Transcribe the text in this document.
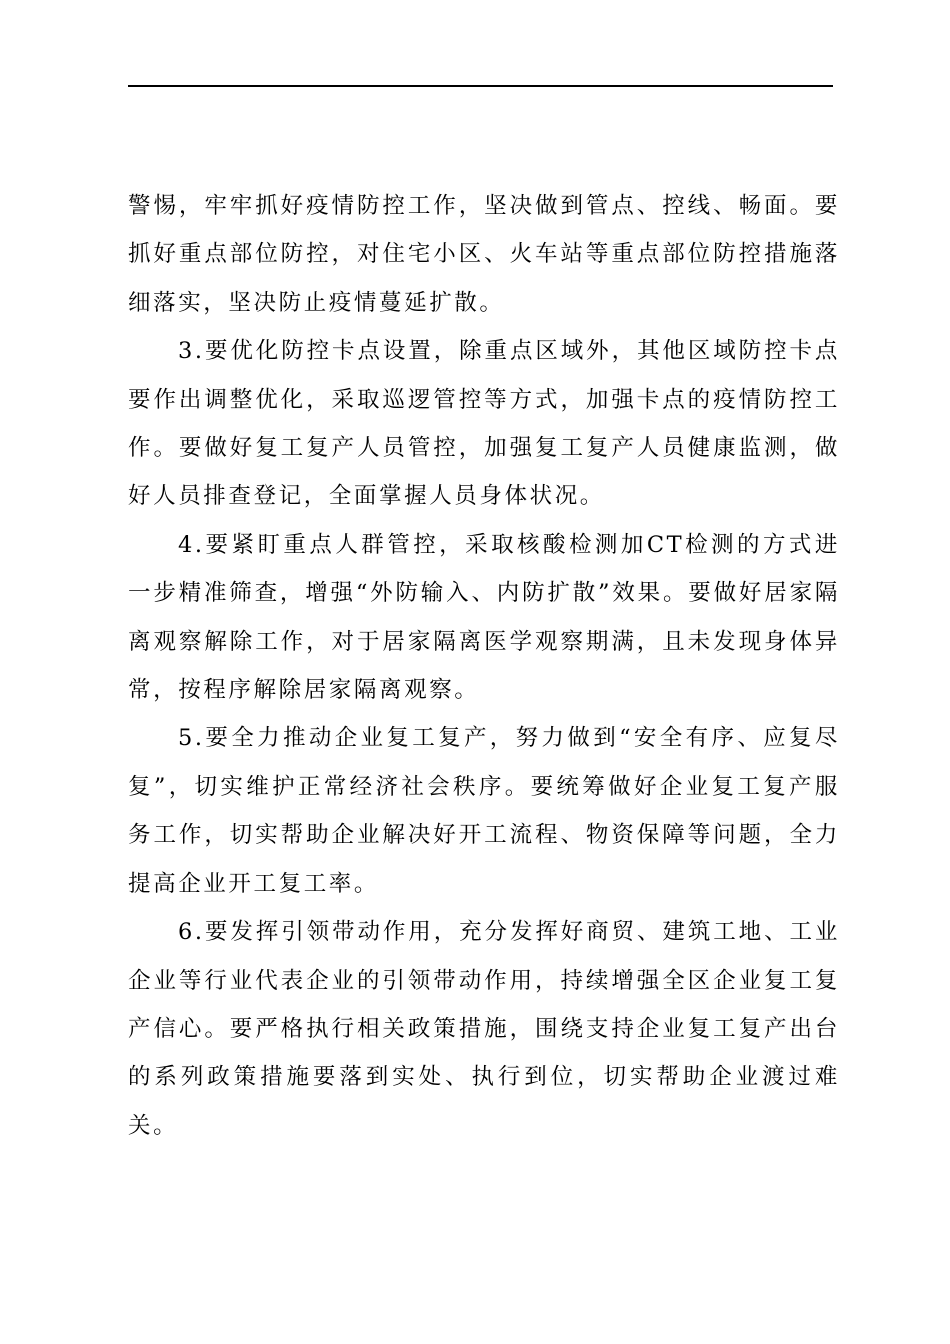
警惕，牢牢抓好疫情防控工作，坚决做到管点、控线、畅面。要抓好重点部位防控，对住宅小区、火车站等重点部位防控措施落细落实，坚决防止疫情蔓延扩散。

3.要优化防控卡点设置，除重点区域外，其他区域防控卡点要作出调整优化，采取巡逻管控等方式，加强卡点的疫情防控工作。要做好复工复产人员管控，加强复工复产人员健康监测，做好人员排查登记，全面掌握人员身体状况。

4.要紧盯重点人群管控，采取核酸检测加CT检测的方式进一步精准筛查，增强“外防输入、内防扩散”效果。要做好居家隔离观察解除工作，对于居家隔离医学观察期满，且未发现身体异常，按程序解除居家隔离观察。

5.要全力推动企业复工复产，努力做到“安全有序、应复尽复”，切实维护正常经济社会秩序。要统筹做好企业复工复产服务工作，切实帮助企业解决好开工流程、物资保障等问题，全力提高企业开工复工率。

6.要发挥引领带动作用，充分发挥好商贸、建筑工地、工业企业等行业代表企业的引领带动作用，持续增强全区企业复工复产信心。要严格执行相关政策措施，围绕支持企业复工复产出台的系列政策措施要落到实处、执行到位，切实帮助企业渡过难关。
